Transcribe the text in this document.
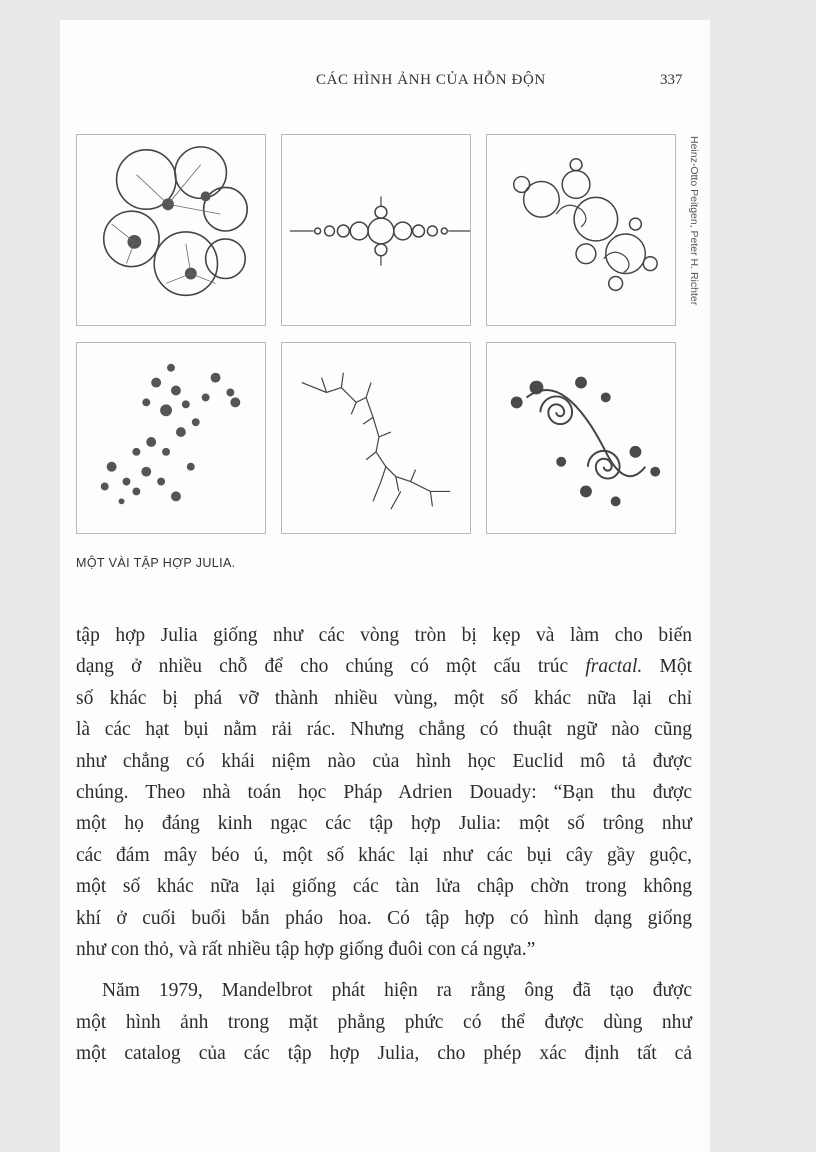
CÁC HÌNH ẢNH CỦA HỖN ĐỘN	337
Heinz-Otto Peitgen, Peter H. Richter
MỘT VÀI TẬP HỢP JULIA.

tập hợp Julia giống như các vòng tròn bị kẹp và làm cho biến
dạng ở nhiều chỗ để cho chúng có một cấu trúc fractal. Một
số khác bị phá vỡ thành nhiều vùng, một số khác nữa lại chỉ
là các hạt bụi nằm rải rác. Nhưng chẳng có thuật ngữ nào cũng
như chẳng có khái niệm nào của hình học Euclid mô tả được
chúng. Theo nhà toán học Pháp Adrien Douady: “Bạn thu được
một họ đáng kinh ngạc các tập hợp Julia: một số trông như
các đám mây béo ú, một số khác lại như các bụi cây gầy guộc,
một số khác nữa lại giống các tàn lửa chập chờn trong không
khí ở cuối buổi bắn pháo hoa. Có tập hợp có hình dạng giống
như con thỏ, và rất nhiều tập hợp giống đuôi con cá ngựa.”

Năm 1979, Mandelbrot phát hiện ra rằng ông đã tạo được
một hình ảnh trong mặt phẳng phức có thể được dùng như
một catalog của các tập hợp Julia, cho phép xác định tất cả
